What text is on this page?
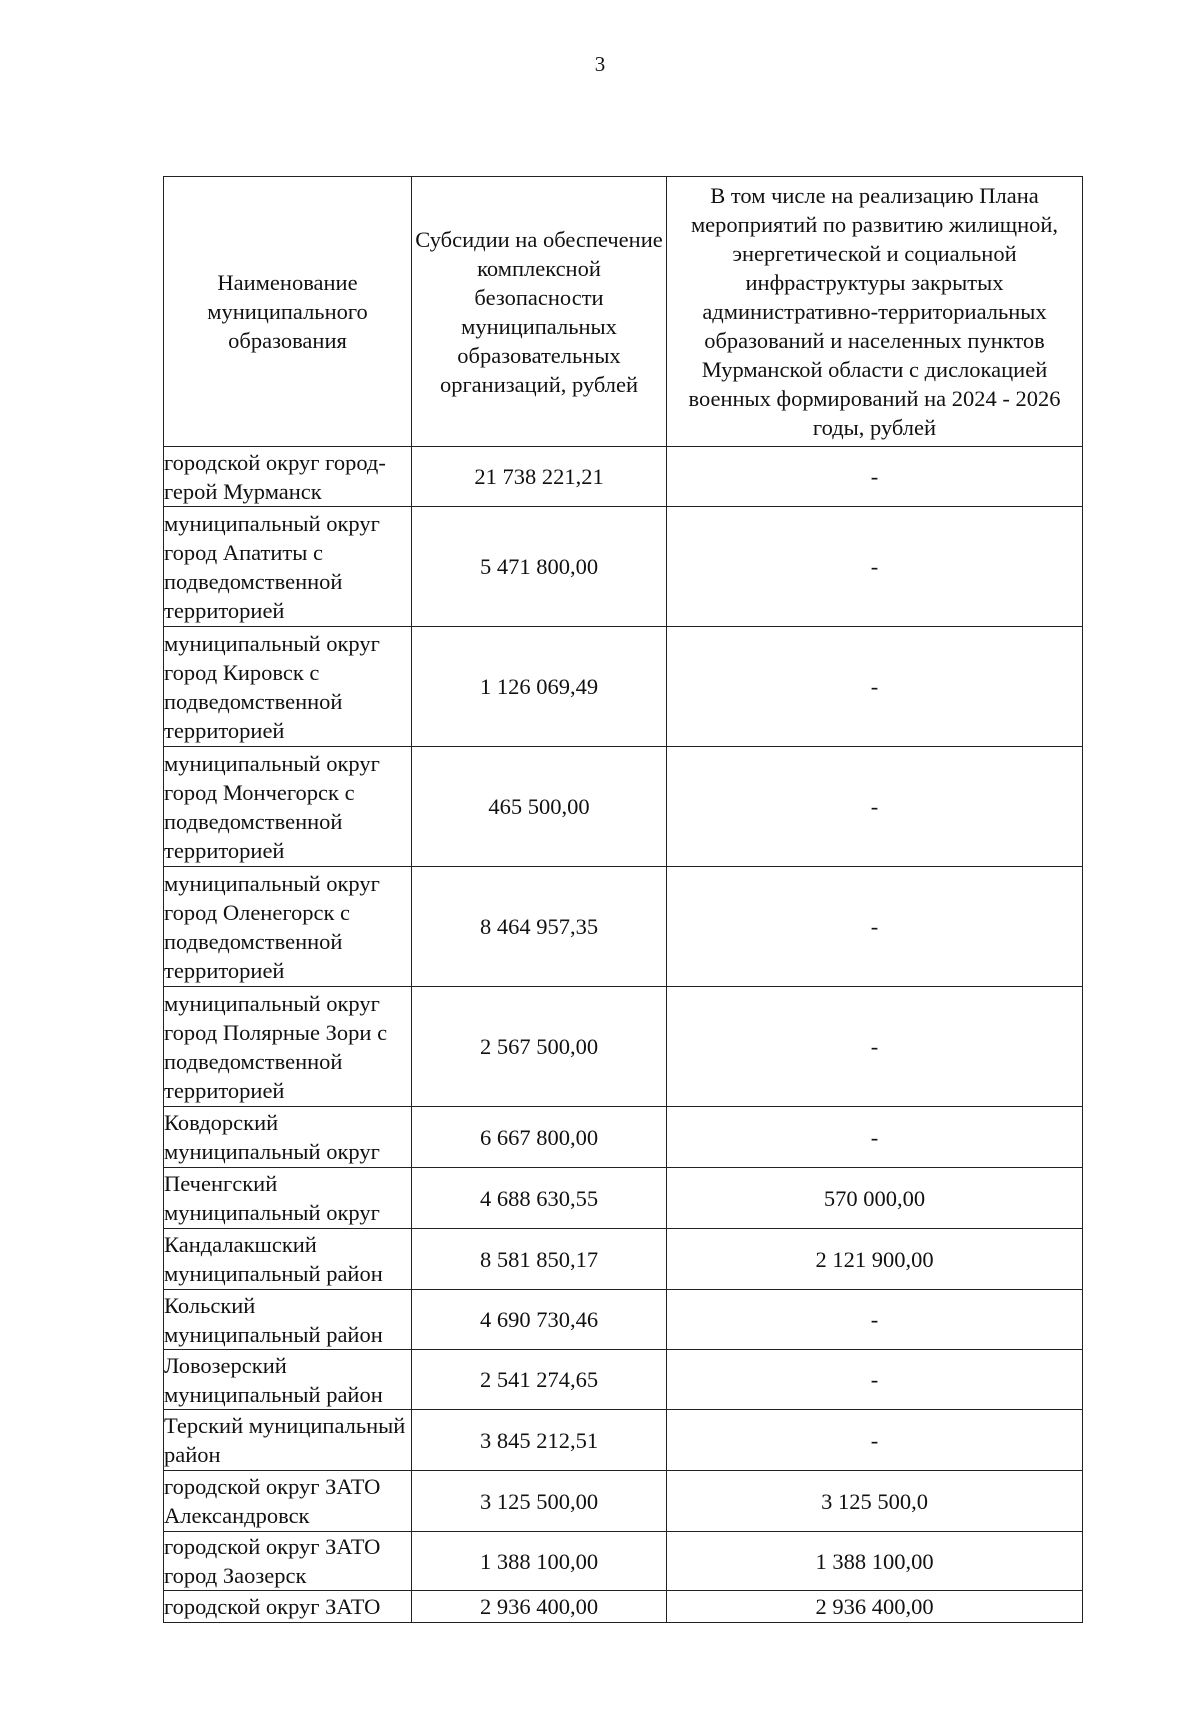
3
Наименование муниципального образования	Субсидии на обеспечение комплексной безопасности муниципальных образовательных организаций, рублей	В том числе на реализацию Плана мероприятий по развитию жилищной, энергетической и социальной инфраструктуры закрытых административно-территориальных образований и населенных пунктов Мурманской области с дислокацией военных формирований на 2024 - 2026 годы, рублей
городской округ город-герой Мурманск	21 738 221,21	-
муниципальный округ город Апатиты с подведомственной территорией	5 471 800,00	-
муниципальный округ город Кировск с подведомственной территорией	1 126 069,49	-
муниципальный округ город Мончегорск с подведомственной территорией	465 500,00	-
муниципальный округ город Оленегорск с подведомственной территорией	8 464 957,35	-
муниципальный округ город Полярные Зори с подведомственной территорией	2 567 500,00	-
Ковдорский муниципальный округ	6 667 800,00	-
Печенгский муниципальный округ	4 688 630,55	570 000,00
Кандалакшский муниципальный район	8 581 850,17	2 121 900,00
Кольский муниципальный район	4 690 730,46	-
Ловозерский муниципальный район	2 541 274,65	-
Терский муниципальный район	3 845 212,51	-
городской округ ЗАТО Александровск	3 125 500,00	3 125 500,0
городской округ ЗАТО город Заозерск	1 388 100,00	1 388 100,00
городской округ ЗАТО	2 936 400,00	2 936 400,00
